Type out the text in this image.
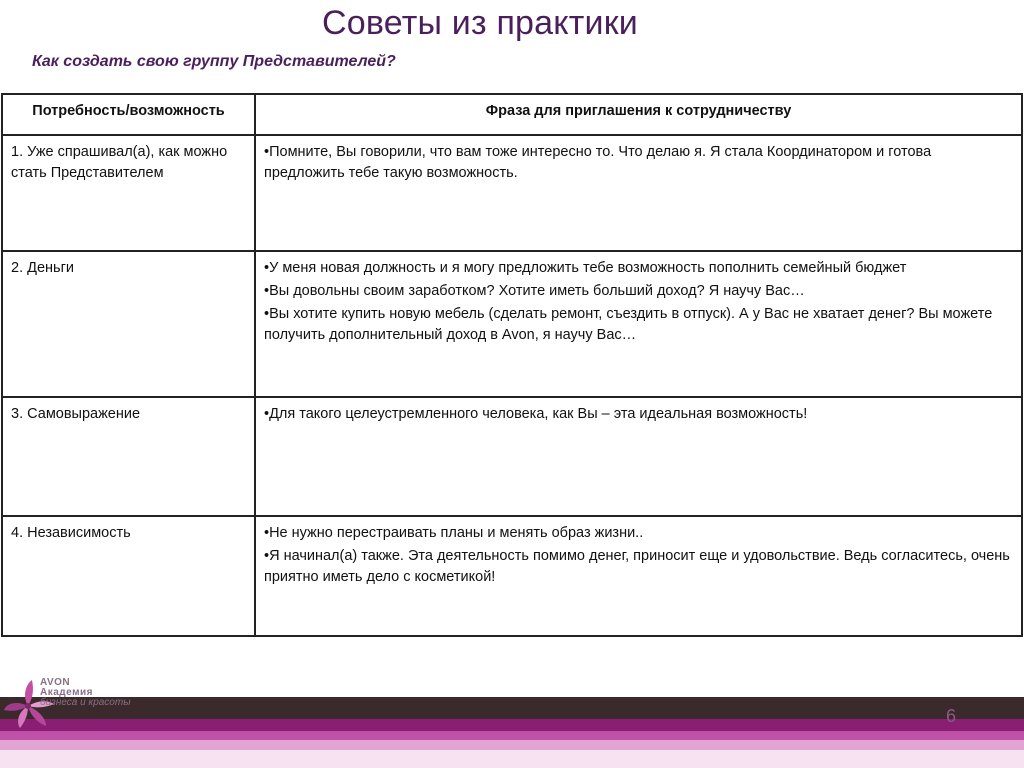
Советы из практики
Как создать свою группу Представителей?
Потребность/возможность	Фраза для приглашения к сотрудничеству
1. Уже спрашивал(а), как можно стать Представителем	•Помните, Вы говорили, что вам тоже интересно то. Что делаю я. Я стала Координатором и готова предложить тебе такую возможность.

2. Деньги	•У меня новая должность и я могу предложить тебе возможность пополнить семейный бюджет
•Вы довольны своим заработком? Хотите иметь больший доход? Я научу Вас…
•Вы хотите купить новую мебель (сделать ремонт, съездить в отпуск). А у Вас не хватает денег? Вы можете получить дополнительный доход в Avon, я научу Вас…

3. Самовыражение	•Для такого целеустремленного человека, как Вы – эта идеальная возможность!

4. Независимость	•Не нужно перестраивать планы и менять образ жизни..
•Я начинал(а) также. Эта деятельность помимо денег, приносит еще и удовольствие. Ведь согласитесь, очень приятно иметь дело с косметикой!
AVON
Академия
бизнеса и красоты
6
